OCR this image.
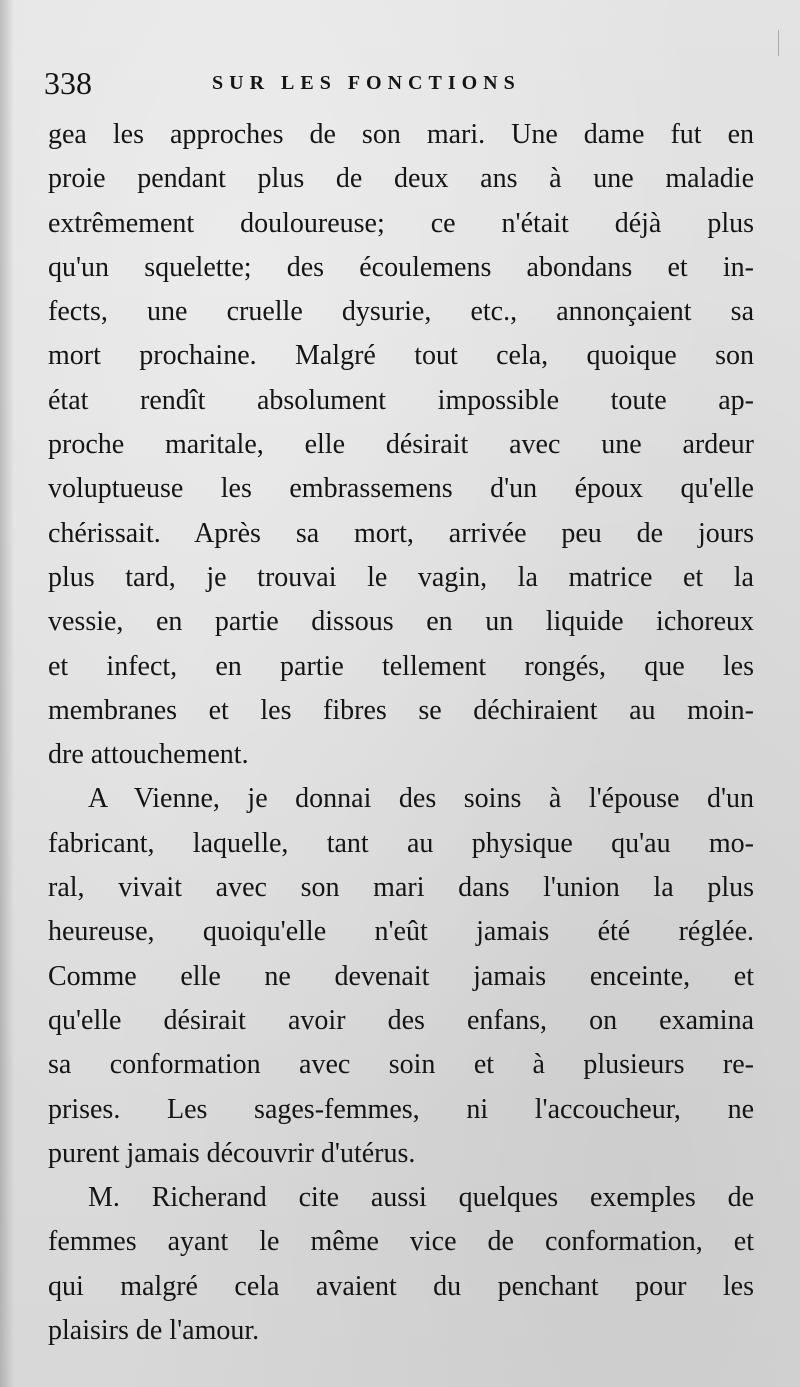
338	SUR LES FONCTIONS
gea les approches de son mari. Une dame fut en
proie pendant plus de deux ans à une maladie
extrêmement douloureuse; ce n'était déjà plus
qu'un squelette; des écoulemens abondans et in-
fects, une cruelle dysurie, etc., annonçaient sa
mort prochaine. Malgré tout cela, quoique son
état rendît absolument impossible toute ap-
proche maritale, elle désirait avec une ardeur
voluptueuse les embrassemens d'un époux qu'elle
chérissait. Après sa mort, arrivée peu de jours
plus tard, je trouvai le vagin, la matrice et la
vessie, en partie dissous en un liquide ichoreux
et infect, en partie tellement rongés, que les
membranes et les fibres se déchiraient au moin-
dre attouchement.
A Vienne, je donnai des soins à l'épouse d'un
fabricant, laquelle, tant au physique qu'au mo-
ral, vivait avec son mari dans l'union la plus
heureuse, quoiqu'elle n'eût jamais été réglée.
Comme elle ne devenait jamais enceinte, et
qu'elle désirait avoir des enfans, on examina
sa conformation avec soin et à plusieurs re-
prises. Les sages-femmes, ni l'accoucheur, ne
purent jamais découvrir d'utérus.
M. Richerand cite aussi quelques exemples de
femmes ayant le même vice de conformation, et
qui malgré cela avaient du penchant pour les
plaisirs de l'amour.
